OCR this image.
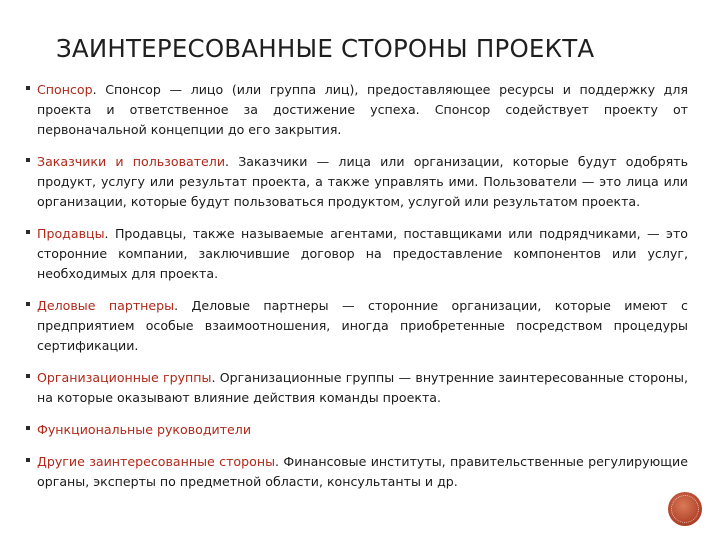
ЗАИНТЕРЕСОВАННЫЕ СТОРОНЫ ПРОЕКТА
Спонсор. Спонсор — лицо (или группа лиц), предоставляющее ресурсы и поддержку для проекта и ответственное за достижение успеха. Спонсор содействует проекту от первоначальной концепции до его закрытия.
Заказчики и пользователи. Заказчики — лица или организации, которые будут одобрять продукт, услугу или результат проекта, а также управлять ими. Пользователи — это лица или организации, которые будут пользоваться продуктом, услугой или результатом проекта.
Продавцы. Продавцы, также называемые агентами, поставщиками или подрядчиками, — это сторонние компании, заключившие договор на предоставление компонентов или услуг, необходимых для проекта.
Деловые партнеры. Деловые партнеры — сторонние организации, которые имеют с предприятием особые взаимоотношения, иногда приобретенные посредством процедуры сертификации.
Организационные группы. Организационные группы — внутренние заинтересованные стороны, на которые оказывают влияние действия команды проекта.
Функциональные руководители
Другие заинтересованные стороны. Финансовые институты, правительственные регулирующие органы, эксперты по предметной области, консультанты и др.
